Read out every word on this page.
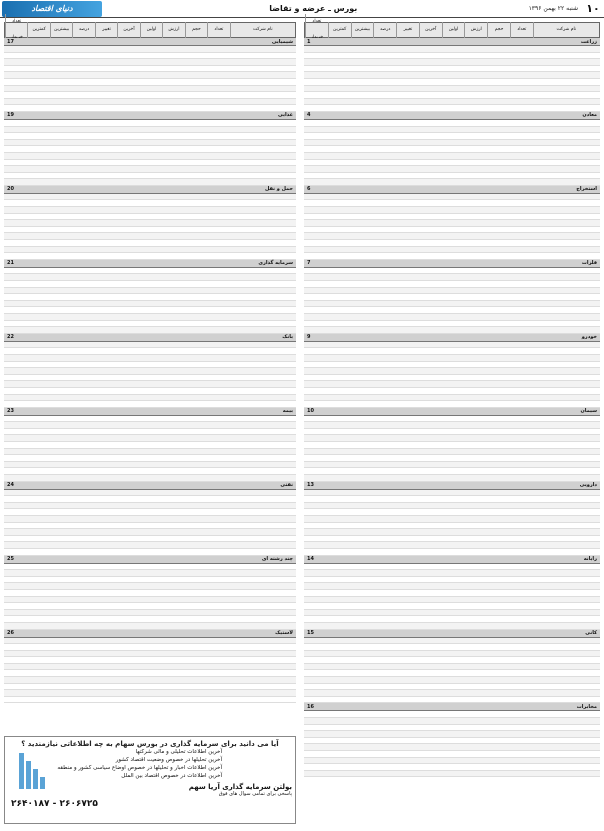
۱۰
شنبه ۲۲ بهمن ۱۳۹۶
بورس ـ عرضه و تقاضا
دنیای اقتصاد
نام شرکت
تعداد
حجم
ارزش
اولین
آخرین
تغییر
درصد
بیشترین
کمترین
تعداد
زراعت
1
معادن
4
استخراج
6
فلزات
7
خودرو
9
سیمان
10
دارویی
13
رایانه
14
کانی
15
مخابرات
16
نام شرکت
تعداد
حجم
ارزش
اولین
آخرین
تغییر
درصد
بیشترین
کمترین
تعداد
شیمیایی
17
غذایی
19
حمل و نقل
20
سرمایه گذاری
21
بانک
22
بیمه
23
نفتی
24
چند رشته ای
25
لاستیک
26
آیا می دانید برای سرمایه گذاری در بورس سهام به چه اطلاعاتی نیازمندید ؟
آخرین اطلاعات تحلیلی و مالی شرکتها
آخرین تحلیلها در خصوص وضعیت اقتصاد کشور
آخرین اطلاعات اخبار و تحلیلها در خصوص اوضاع سیاسی کشور و منطقه
آخرین اطلاعات در خصوص اقتصاد بین الملل
بولتن سرمایه گذاری آریا سهم
پاسخی برای تمامی سوال های فوق
۲۶۴۰۱۸۷ - ۲۶۰۶۷۲۵
